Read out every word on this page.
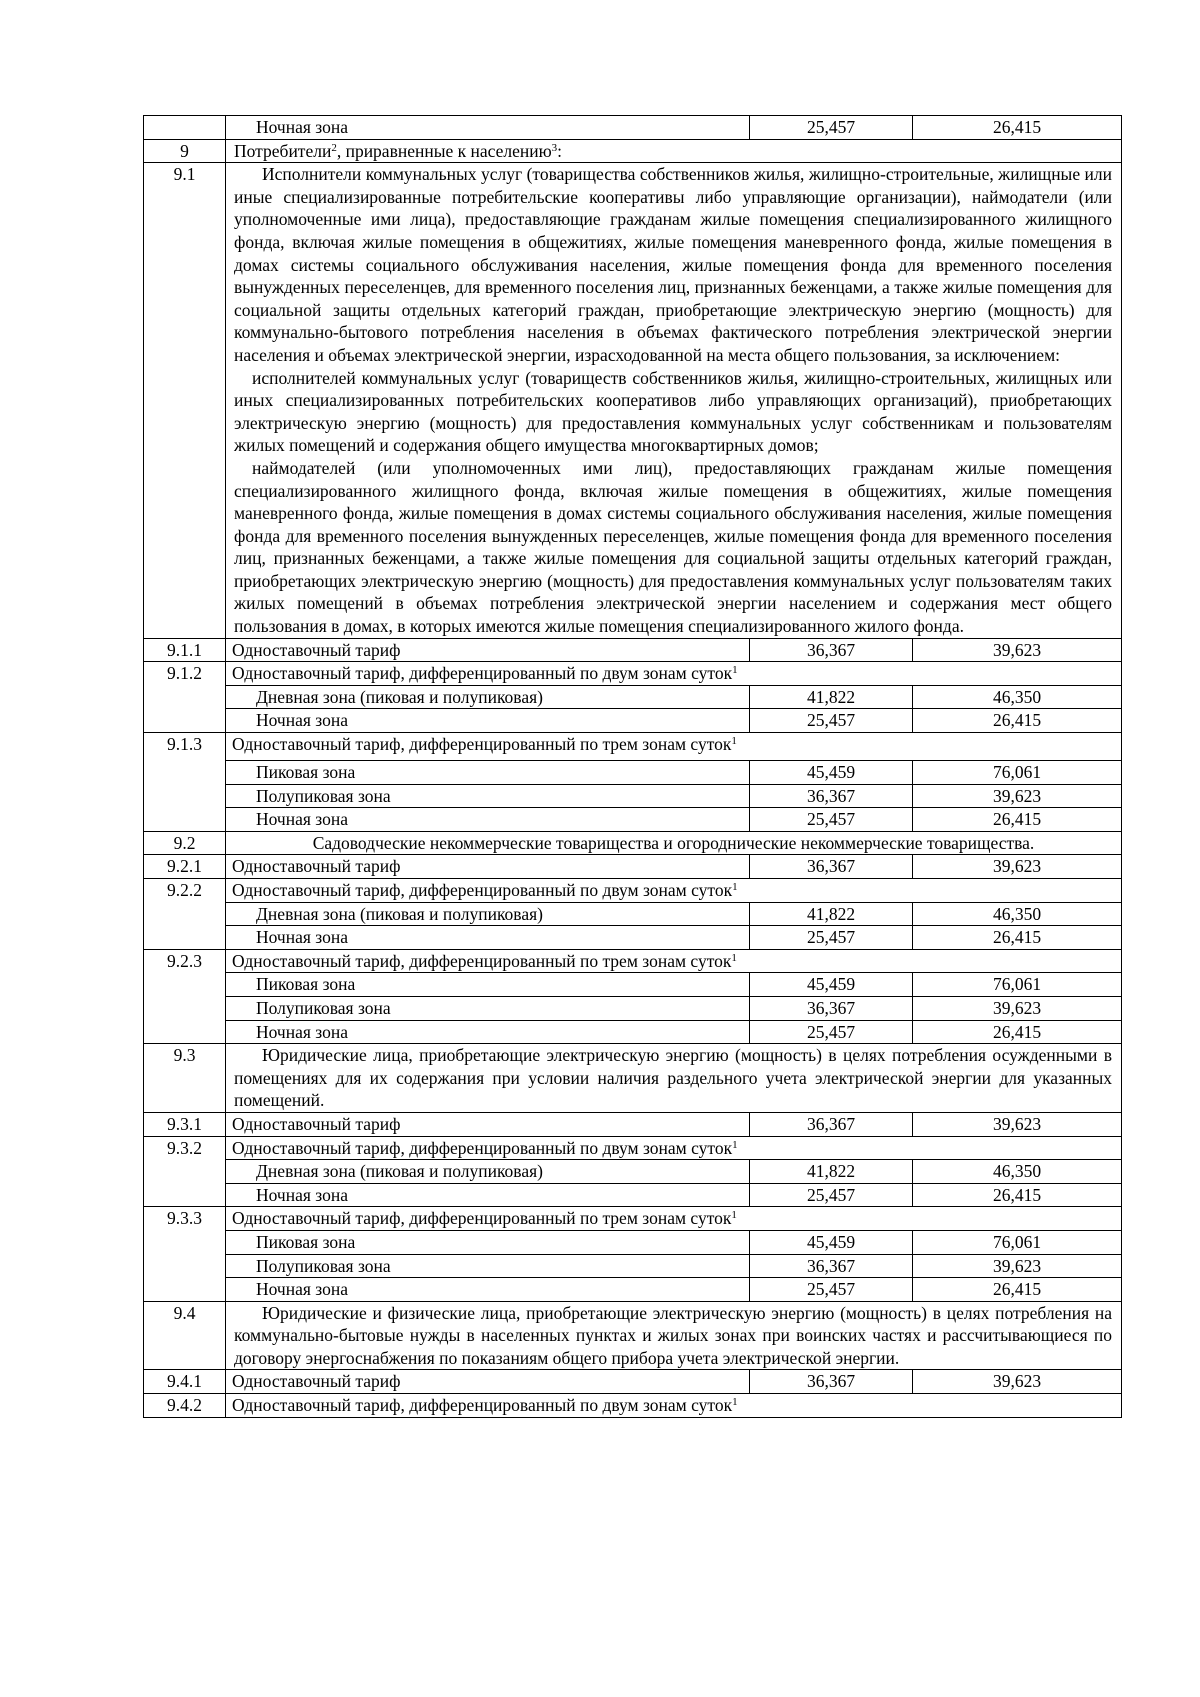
	Ночная зона	25,457	26,415
9	Потребители$^2$, приравненные к населению$^3$:		
9.1	Исполнители коммунальных услуг (товарищества собственников жилья, жилищно-строительные, жилищные или иные специализированные потребительские кооперативы либо управляющие организации), наймодатели (или уполномоченные ими лица), предоставляющие гражданам жилые помещения специализированного жилищного фонда, включая жилые помещения в общежитиях, жилые помещения маневренного фонда, жилые помещения в домах системы социального обслуживания населения, жилые помещения фонда для временного поселения вынужденных переселенцев, для временного поселения лиц, признанных беженцами, а также жилые помещения для социальной защиты отдельных категорий граждан, приобретающие электрическую энергию (мощность) для коммунально-бытового потребления населения в объемах фактического потребления электрической энергии населения и объемах электрической энергии, израсходованной на места общего пользования, за исключением:

исполнителей коммунальных услуг (товариществ собственников жилья, жилищно-строительных, жилищных или иных специализированных потребительских кооперативов либо управляющих организаций), приобретающих электрическую энергию (мощность) для предоставления коммунальных услуг собственникам и пользователям жилых помещений и содержания общего имущества многоквартирных домов;

наймодателей (или уполномоченных ими лиц), предоставляющих гражданам жилые помещения специализированного жилищного фонда, включая жилые помещения в общежитиях, жилые помещения маневренного фонда, жилые помещения в домах системы социального обслуживания населения, жилые помещения фонда для временного поселения вынужденных переселенцев, жилые помещения фонда для временного поселения лиц, признанных беженцами, а также жилые помещения для социальной защиты отдельных категорий граждан, приобретающих электрическую энергию (мощность) для предоставления коммунальных услуг пользователям таких жилых помещений в объемах потребления электрической энергии населением и содержания мест общего пользования в домах, в которых имеются жилые помещения специализированного жилого фонда.		

9.1.1	Одноставочный тариф	36,367	39,623
9.1.2	Одноставочный тариф, дифференцированный по двум зонам суток$^1$
	Дневная зона (пиковая и полупиковая)	41,822	46,350
	Ночная зона	25,457	26,415
9.1.3	Одноставочный тариф, дифференцированный по трем зонам суток$^1$
	Пиковая зона	45,459	76,061
	Полупиковая зона	36,367	39,623
	Ночная зона	25,457	26,415
9.2	Садоводческие некоммерческие товарищества и огороднические некоммерческие товарищества.		
9.2.1	Одноставочный тариф	36,367	39,623
9.2.2	Одноставочный тариф, дифференцированный по двум зонам суток$^1$
	Дневная зона (пиковая и полупиковая)	41,822	46,350
	Ночная зона	25,457	26,415
9.2.3	Одноставочный тариф, дифференцированный по трем зонам суток$^1$
	Пиковая зона	45,459	76,061
	Полупиковая зона	36,367	39,623
	Ночная зона	25,457	26,415
9.3	Юридические лица, приобретающие электрическую энергию (мощность) в целях потребления осужденными в помещениях для их содержания при условии наличия раздельного учета электрической энергии для указанных помещений.		

9.3.1	Одноставочный тариф	36,367	39,623
9.3.2	Одноставочный тариф, дифференцированный по двум зонам суток$^1$
	Дневная зона (пиковая и полупиковая)	41,822	46,350
	Ночная зона	25,457	26,415
9.3.3	Одноставочный тариф, дифференцированный по трем зонам суток$^1$
	Пиковая зона	45,459	76,061
	Полупиковая зона	36,367	39,623
	Ночная зона	25,457	26,415
9.4	Юридические и физические лица, приобретающие электрическую энергию (мощность) в целях потребления на коммунально-бытовые нужды в населенных пунктах и жилых зонах при воинских частях и рассчитывающиеся по договору энергоснабжения по показаниям общего прибора учета электрической энергии.		

9.4.1	Одноставочный тариф	36,367	39,623
9.4.2	Одноставочный тариф, дифференцированный по двум зонам суток$^1$
